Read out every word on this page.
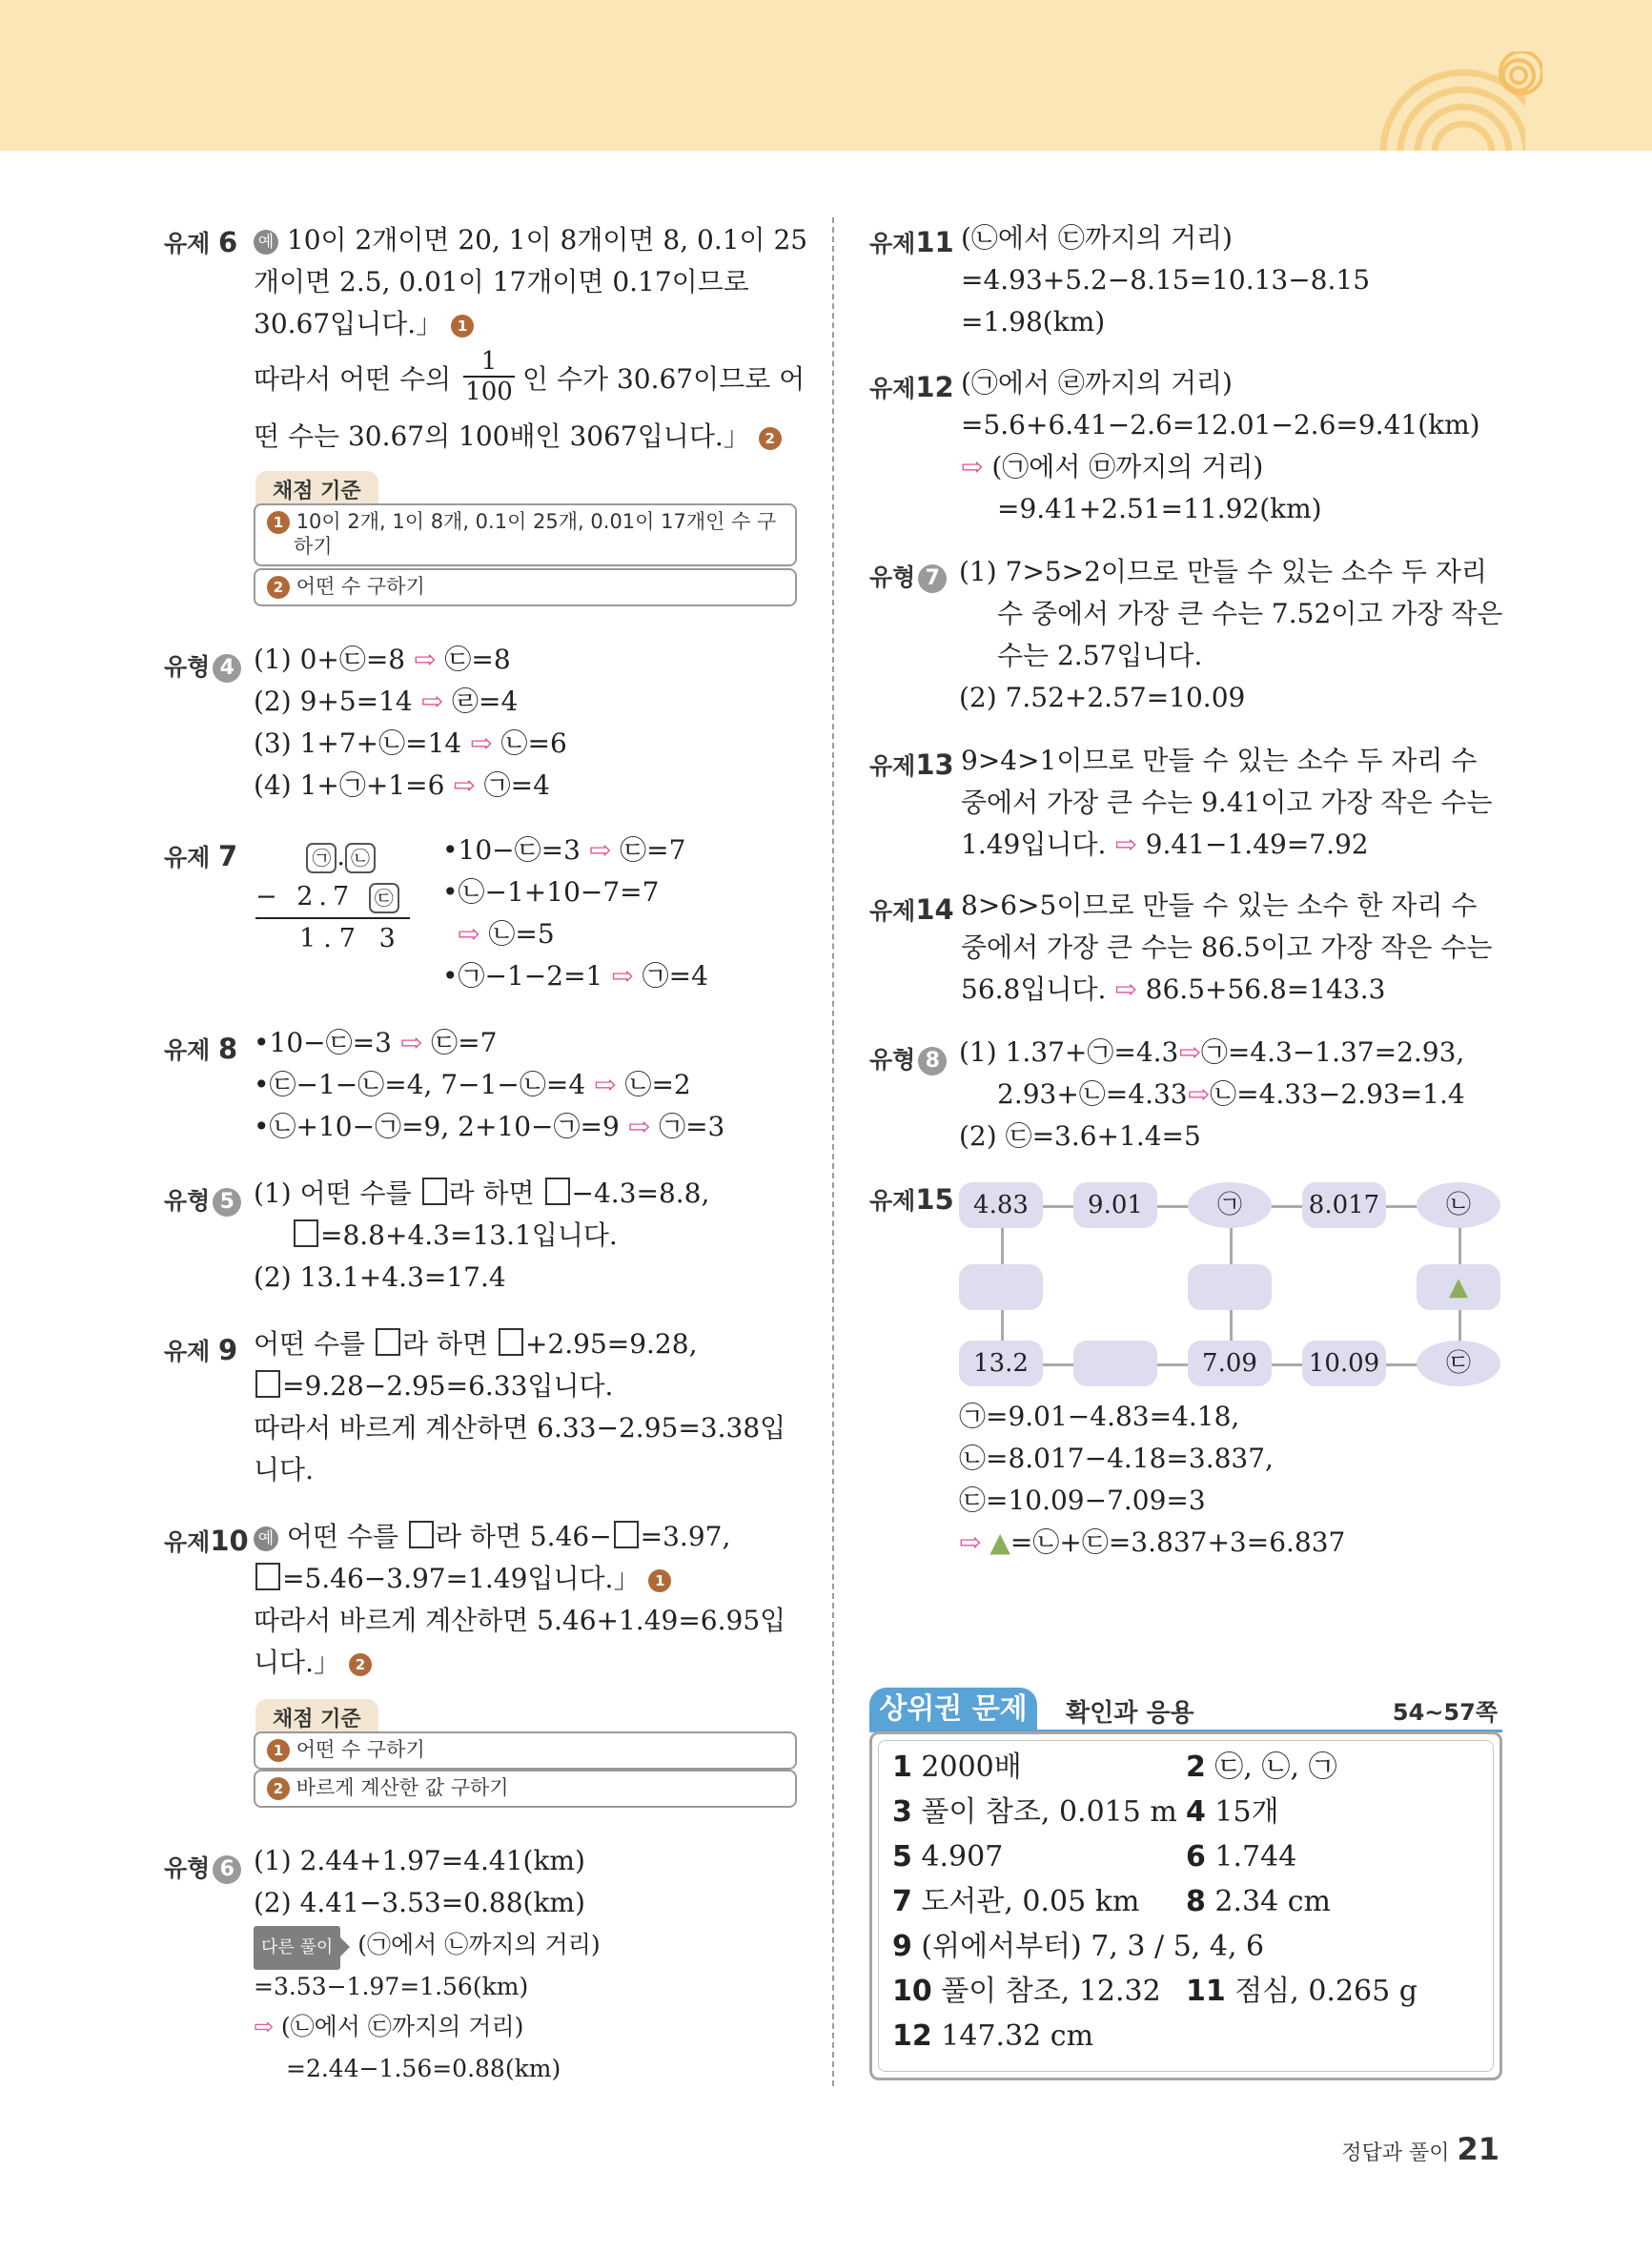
유제 6 예 10이 2개이면 20, 1이 8개이면 8, 0.1이 25
개이면 2.5, 0.01이 17개이면 0.17이므로
30.67입니다.」 1
따라서 어떤 수의 $\frac{1}{100}$ 인 수가 30.67이므로 어
떤 수는 30.67의 100배인 3067입니다.」 2
채점 기준
1 10이 2개, 1이 8개, 0.1이 25개, 0.01이 17개인 수 구
하기
2 어떤 수 구하기
유형 4 (1) 0+㉢=8 ⇨ ㉢=8
(2) 9+5=14 ⇨ ㉣=4
(3) 1+7+㉡=14 ⇨ ㉡=6
(4) 1+㉠+1=6 ⇨ ㉠=4
유제 7	㉠ . ㉡
− 2.7 ㉢
1.7 3
•10−㉢=3 ⇨ ㉢=7
•㉡−1+10−7=7
⇨ ㉡=5
•㉠−1−2=1 ⇨ ㉠=4
유제 8 •10−㉢=3 ⇨ ㉢=7
•㉢−1−㉡=4, 7−1−㉡=4 ⇨ ㉡=2
•㉡+10−㉠=9, 2+10−㉠=9 ⇨ ㉠=3
유형 5 (1) 어떤 수를 라 하면 −4.3=8.8,
=8.8+4.3=13.1입니다.
(2) 13.1+4.3=17.4
유제 9 어떤 수를 라 하면 +2.95=9.28,
=9.28−2.95=6.33입니다.
따라서 바르게 계산하면 6.33−2.95=3.38입
니다.
유제10 예 어떤 수를 라 하면 5.46− =3.97,
=5.46−3.97=1.49입니다.」 1
따라서 바르게 계산하면 5.46+1.49=6.95입
니다.」 2
채점 기준
1 어떤 수 구하기
2 바르게 계산한 값 구하기
유형 6 (1) 2.44+1.97=4.41(km)
(2) 4.41−3.53=0.88(km)
다른 풀이 (㉠에서 ㉡까지의 거리)
=3.53−1.97=1.56(km)
⇨ (㉡에서 ㉢까지의 거리)
=2.44−1.56=0.88(km)
유제11 (㉡에서 ㉢까지의 거리)
=4.93+5.2−8.15=10.13−8.15
=1.98(km)
유제12 (㉠에서 ㉣까지의 거리)
=5.6+6.41−2.6=12.01−2.6=9.41(km)
⇨ (㉠에서 ㉤까지의 거리)
=9.41+2.51=11.92(km)
유형 7 (1) 7>5>2이므로 만들 수 있는 소수 두 자리
수 중에서 가장 큰 수는 7.52이고 가장 작은
수는 2.57입니다.
(2) 7.52+2.57=10.09
유제13 9>4>1이므로 만들 수 있는 소수 두 자리 수
중에서 가장 큰 수는 9.41이고 가장 작은 수는
1.49입니다. ⇨ 9.41−1.49=7.92
유제14 8>6>5이므로 만들 수 있는 소수 한 자리 수
중에서 가장 큰 수는 86.5이고 가장 작은 수는
56.8입니다. ⇨ 86.5+56.8=143.3
유형 8 (1) 1.37+㉠=4.3⇨㉠=4.3−1.37=2.93,
2.93+㉡=4.33⇨㉡=4.33−2.93=1.4
(2) ㉢=3.6+1.4=5
유제15 4.83	9.01	㉠	8.017	㉡
▲
13.2	7.09	10.09	㉢
㉠=9.01−4.83=4.18,
㉡=8.017−4.18=3.837,
㉢=10.09−7.09=3
⇨ ▲=㉡+㉢=3.837+3=6.837
상위권 문제	확인과 응용	54~57쪽
1 2000배	2 ㉢, ㉡, ㉠
3 풀이 참조, 0.015 m 4 15개
5 4.907	6 1.744
7 도서관, 0.05 km 8 2.34 cm
9 (위에서부터) 7, 3 / 5, 4, 6
10 풀이 참조, 12.32 11 점심, 0.265 g
12 147.32 cm
정답과 풀이 21
